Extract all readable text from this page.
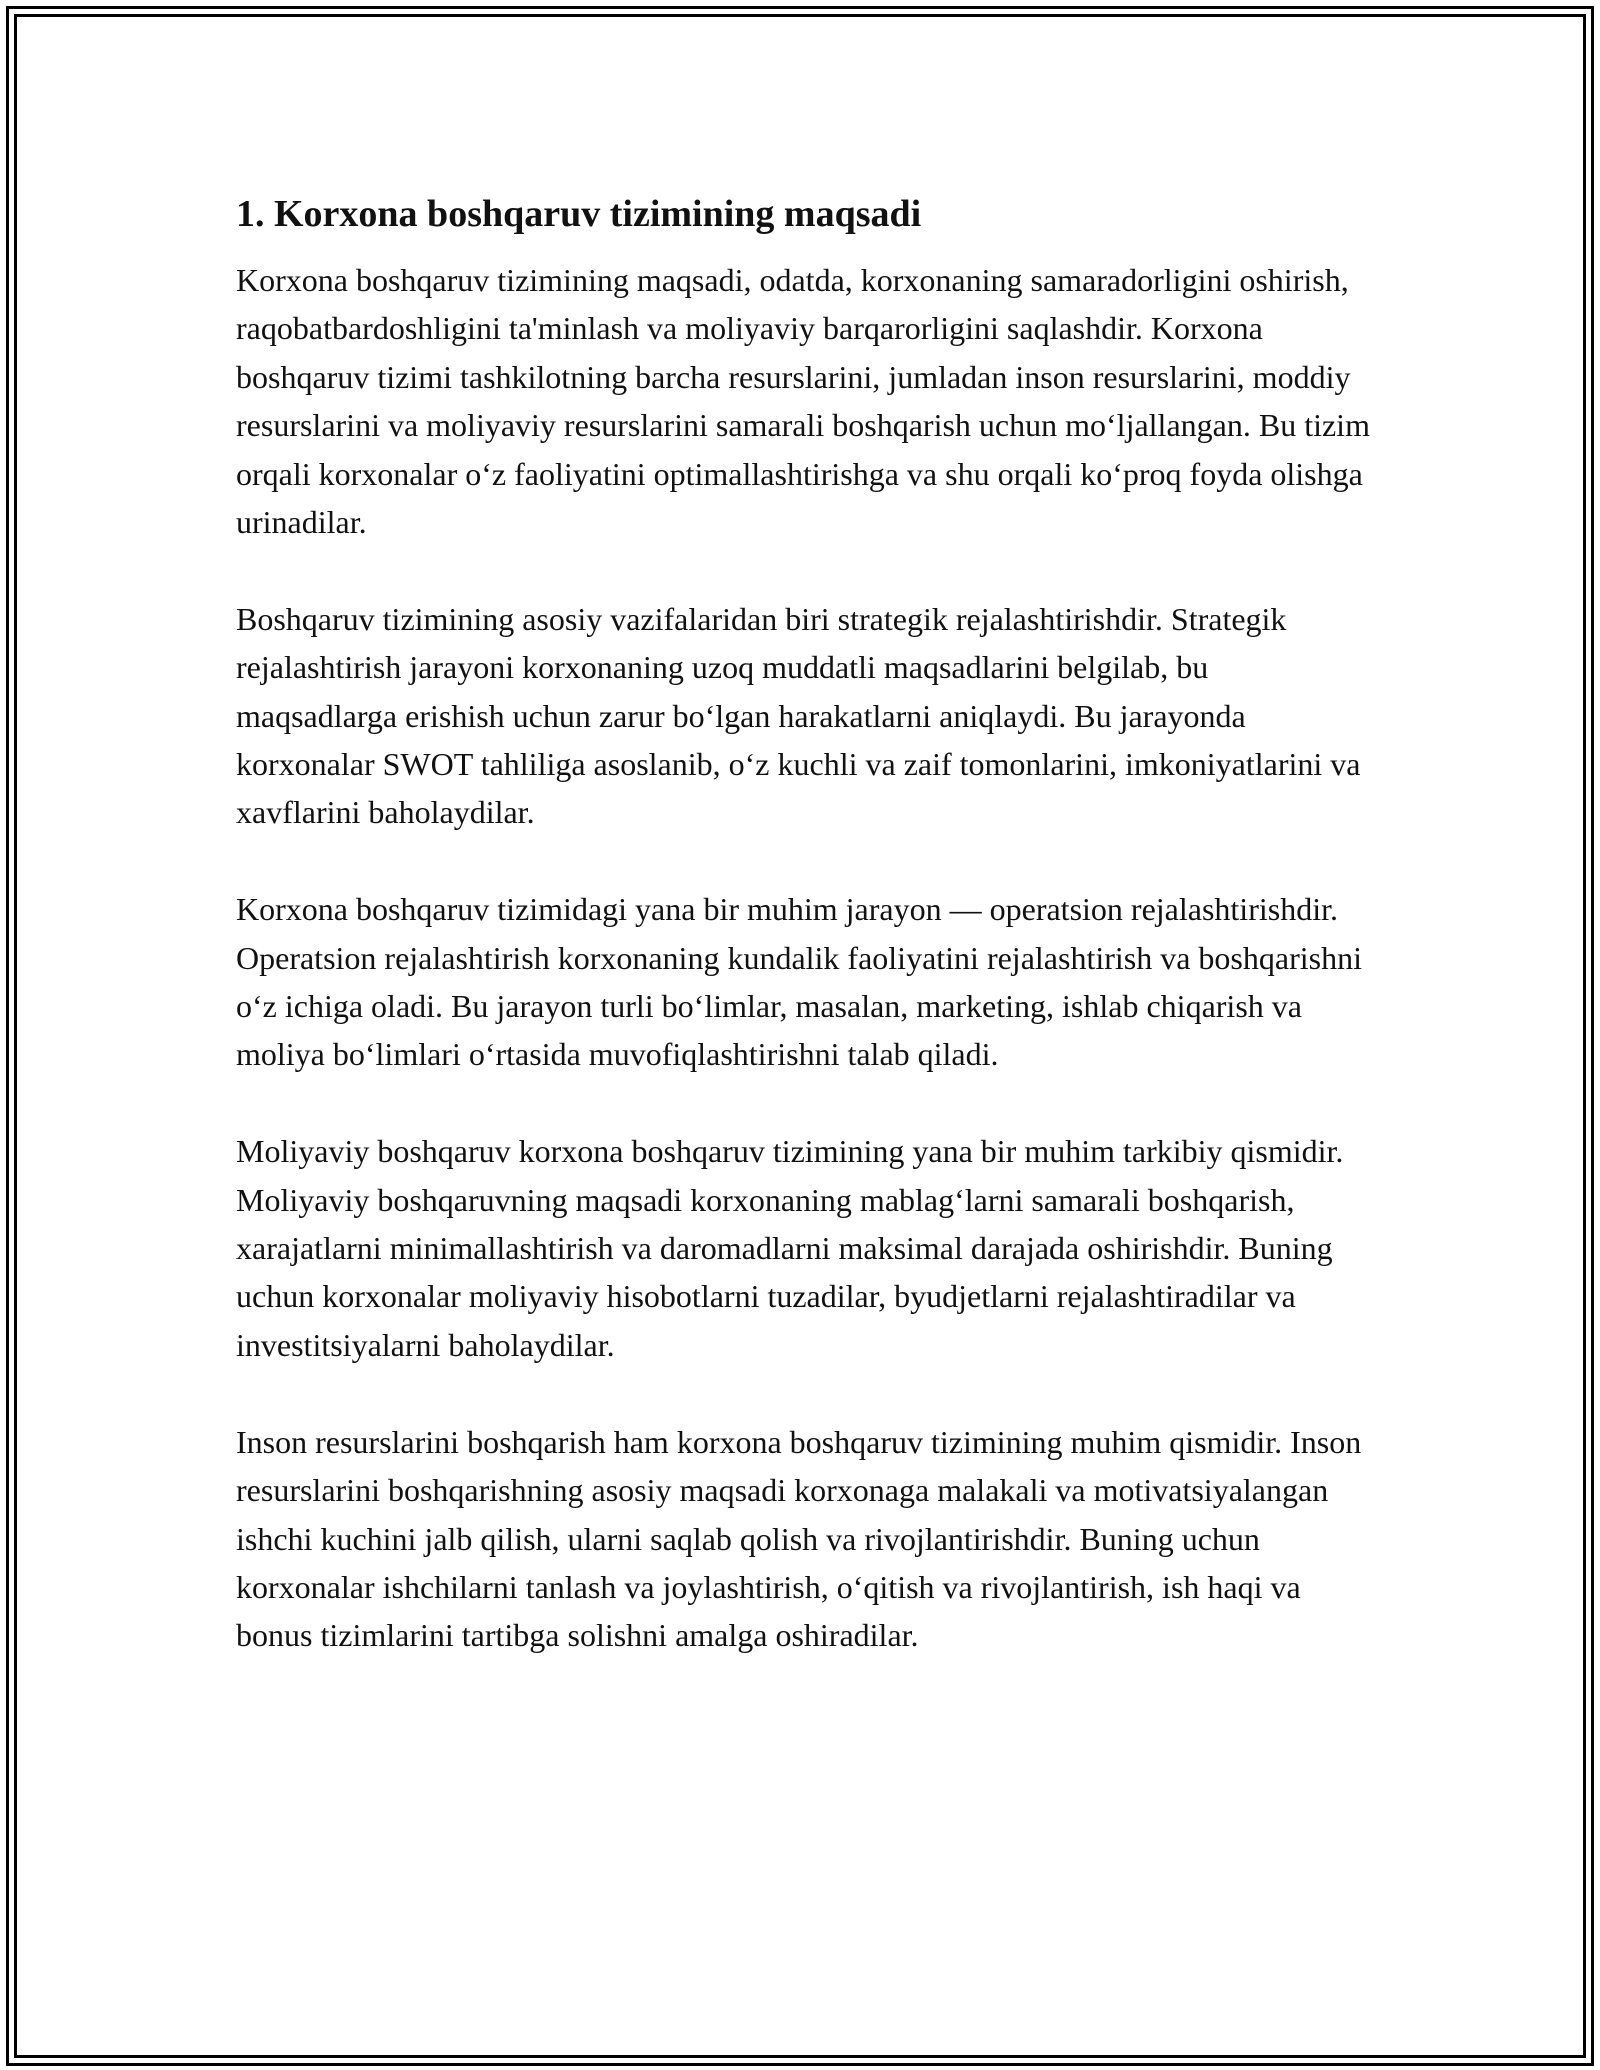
1. Korxona boshqaruv tizimining maqsadi

Korxona boshqaruv tizimining maqsadi, odatda, korxonaning samaradorligini oshirish, raqobatbardoshligini ta'minlash va moliyaviy barqarorligini saqlashdir. Korxona boshqaruv tizimi tashkilotning barcha resurslarini, jumladan inson resurslarini, moddiy resurslarini va moliyaviy resurslarini samarali boshqarish uchun mo‘ljallangan. Bu tizim orqali korxonalar o‘z faoliyatini optimallashtirishga va shu orqali ko‘proq foyda olishga urinadilar.

Boshqaruv tizimining asosiy vazifalaridan biri strategik rejalashtirishdir. Strategik rejalashtirish jarayoni korxonaning uzoq muddatli maqsadlarini belgilab, bu maqsadlarga erishish uchun zarur bo‘lgan harakatlarni aniqlaydi. Bu jarayonda korxonalar SWOT tahliliga asoslanib, o‘z kuchli va zaif tomonlarini, imkoniyatlarini va xavflarini baholaydilar.

Korxona boshqaruv tizimidagi yana bir muhim jarayon — operatsion rejalashtirishdir. Operatsion rejalashtirish korxonaning kundalik faoliyatini rejalashtirish va boshqarishni o‘z ichiga oladi. Bu jarayon turli bo‘limlar, masalan, marketing, ishlab chiqarish va moliya bo‘limlari o‘rtasida muvofiqlashtirishni talab qiladi.

Moliyaviy boshqaruv korxona boshqaruv tizimining yana bir muhim tarkibiy qismidir. Moliyaviy boshqaruvning maqsadi korxonaning mablag‘larni samarali boshqarish, xarajatlarni minimallashtirish va daromadlarni maksimal darajada oshirishdir. Buning uchun korxonalar moliyaviy hisobotlarni tuzadilar, byudjetlarni rejalashtiradilar va investitsiyalarni baholaydilar.

Inson resurslarini boshqarish ham korxona boshqaruv tizimining muhim qismidir. Inson resurslarini boshqarishning asosiy maqsadi korxonaga malakali va motivatsiyalangan ishchi kuchini jalb qilish, ularni saqlab qolish va rivojlantirishdir. Buning uchun korxonalar ishchilarni tanlash va joylashtirish, o‘qitish va rivojlantirish, ish haqi va bonus tizimlarini tartibga solishni amalga oshiradilar.
